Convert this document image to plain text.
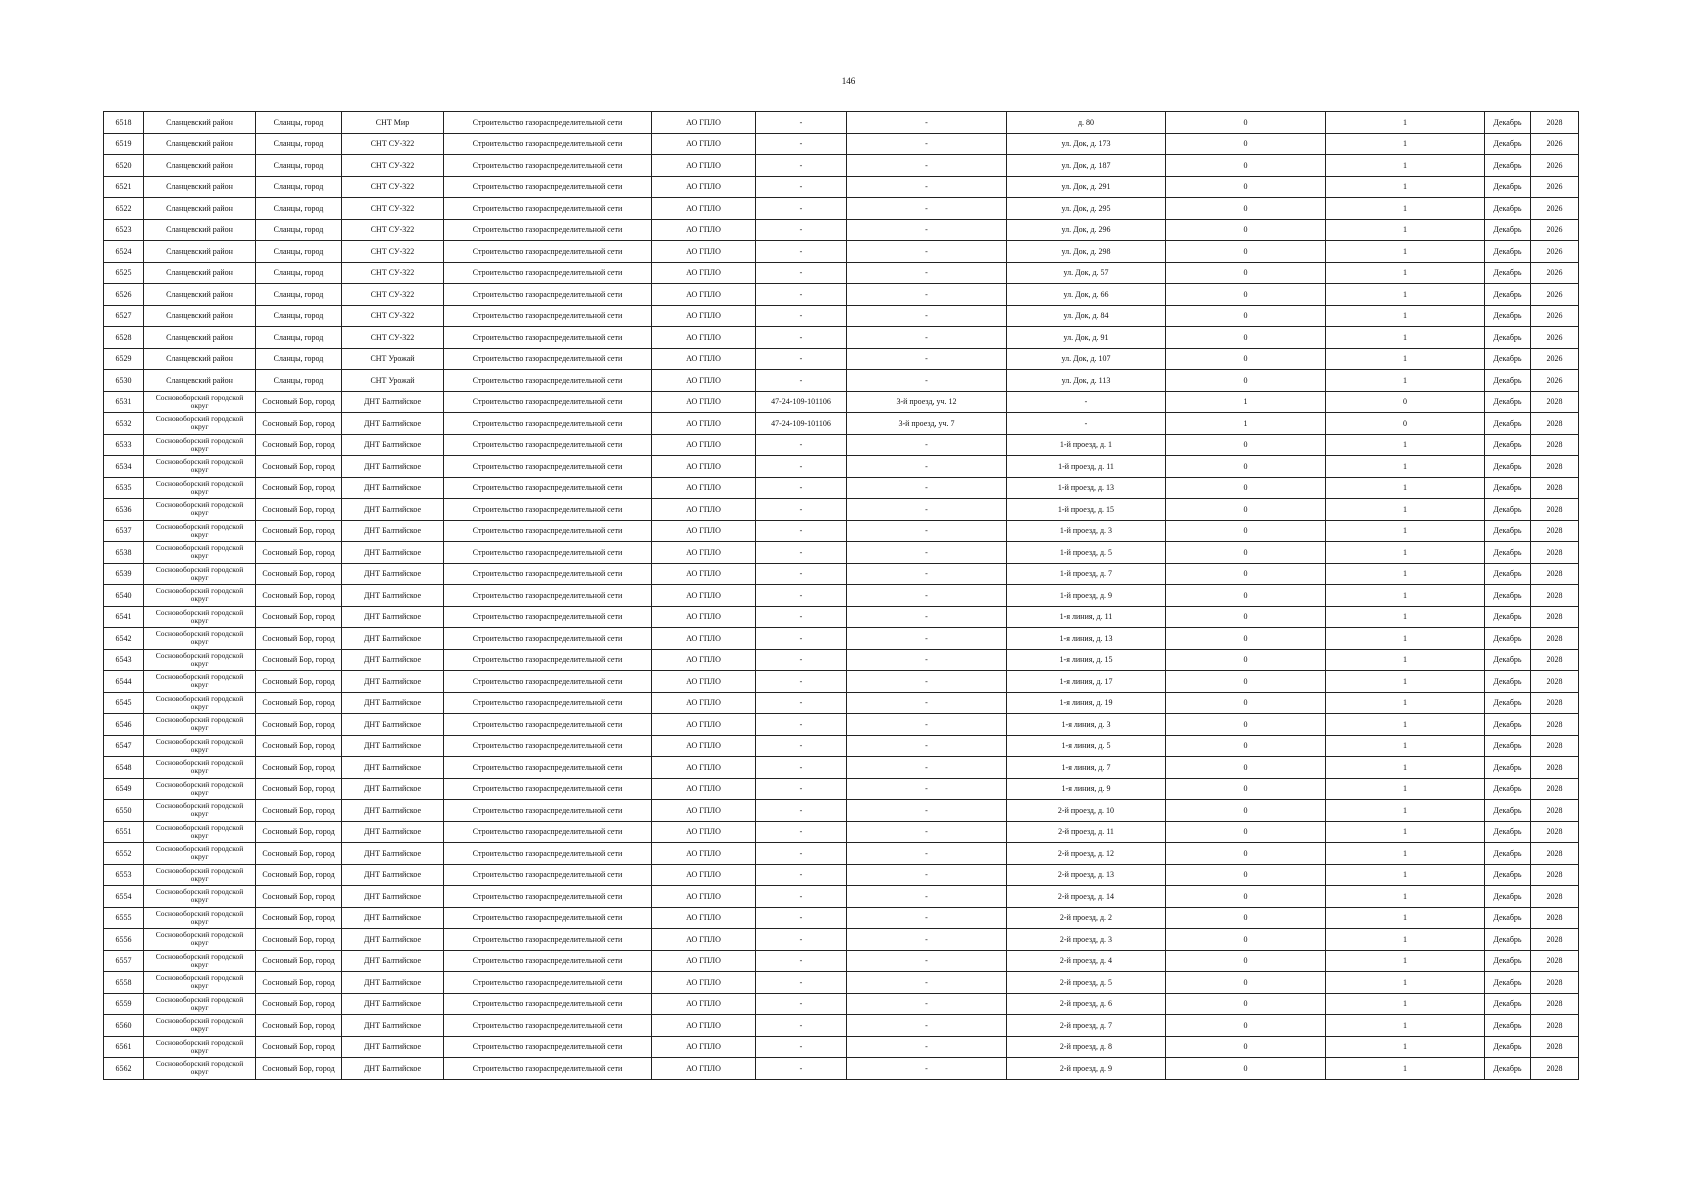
146
6518	Сланцевский район	Сланцы, город	СНТ Мир	Строительство газораспределительной сети	АО ГПЛО	-	-	д. 80	0	1	Декабрь	2028
6519	Сланцевский район	Сланцы, город	СНТ СУ-322	Строительство газораспределительной сети	АО ГПЛО	-	-	ул. Док, д. 173	0	1	Декабрь	2026
6520	Сланцевский район	Сланцы, город	СНТ СУ-322	Строительство газораспределительной сети	АО ГПЛО	-	-	ул. Док, д. 187	0	1	Декабрь	2026
6521	Сланцевский район	Сланцы, город	СНТ СУ-322	Строительство газораспределительной сети	АО ГПЛО	-	-	ул. Док, д. 291	0	1	Декабрь	2026
6522	Сланцевский район	Сланцы, город	СНТ СУ-322	Строительство газораспределительной сети	АО ГПЛО	-	-	ул. Док, д. 295	0	1	Декабрь	2026
6523	Сланцевский район	Сланцы, город	СНТ СУ-322	Строительство газораспределительной сети	АО ГПЛО	-	-	ул. Док, д. 296	0	1	Декабрь	2026
6524	Сланцевский район	Сланцы, город	СНТ СУ-322	Строительство газораспределительной сети	АО ГПЛО	-	-	ул. Док, д. 298	0	1	Декабрь	2026
6525	Сланцевский район	Сланцы, город	СНТ СУ-322	Строительство газораспределительной сети	АО ГПЛО	-	-	ул. Док, д. 57	0	1	Декабрь	2026
6526	Сланцевский район	Сланцы, город	СНТ СУ-322	Строительство газораспределительной сети	АО ГПЛО	-	-	ул. Док, д. 66	0	1	Декабрь	2026
6527	Сланцевский район	Сланцы, город	СНТ СУ-322	Строительство газораспределительной сети	АО ГПЛО	-	-	ул. Док, д. 84	0	1	Декабрь	2026
6528	Сланцевский район	Сланцы, город	СНТ СУ-322	Строительство газораспределительной сети	АО ГПЛО	-	-	ул. Док, д. 91	0	1	Декабрь	2026
6529	Сланцевский район	Сланцы, город	СНТ Урожай	Строительство газораспределительной сети	АО ГПЛО	-	-	ул. Док, д. 107	0	1	Декабрь	2026
6530	Сланцевский район	Сланцы, город	СНТ Урожай	Строительство газораспределительной сети	АО ГПЛО	-	-	ул. Док, д. 113	0	1	Декабрь	2026
6531	Сосновоборский городской округ	Сосновый Бор, город	ДНТ Балтийское	Строительство газораспределительной сети	АО ГПЛО	47-24-109-101106	3-й проезд, уч. 12	-	1	0	Декабрь	2028
6532	Сосновоборский городской округ	Сосновый Бор, город	ДНТ Балтийское	Строительство газораспределительной сети	АО ГПЛО	47-24-109-101106	3-й проезд, уч. 7	-	1	0	Декабрь	2028
6533	Сосновоборский городской округ	Сосновый Бор, город	ДНТ Балтийское	Строительство газораспределительной сети	АО ГПЛО	-	-	1-й проезд, д. 1	0	1	Декабрь	2028
6534	Сосновоборский городской округ	Сосновый Бор, город	ДНТ Балтийское	Строительство газораспределительной сети	АО ГПЛО	-	-	1-й проезд, д. 11	0	1	Декабрь	2028
6535	Сосновоборский городской округ	Сосновый Бор, город	ДНТ Балтийское	Строительство газораспределительной сети	АО ГПЛО	-	-	1-й проезд, д. 13	0	1	Декабрь	2028
6536	Сосновоборский городской округ	Сосновый Бор, город	ДНТ Балтийское	Строительство газораспределительной сети	АО ГПЛО	-	-	1-й проезд, д. 15	0	1	Декабрь	2028
6537	Сосновоборский городской округ	Сосновый Бор, город	ДНТ Балтийское	Строительство газораспределительной сети	АО ГПЛО	-	-	1-й проезд, д. 3	0	1	Декабрь	2028
6538	Сосновоборский городской округ	Сосновый Бор, город	ДНТ Балтийское	Строительство газораспределительной сети	АО ГПЛО	-	-	1-й проезд, д. 5	0	1	Декабрь	2028
6539	Сосновоборский городской округ	Сосновый Бор, город	ДНТ Балтийское	Строительство газораспределительной сети	АО ГПЛО	-	-	1-й проезд, д. 7	0	1	Декабрь	2028
6540	Сосновоборский городской округ	Сосновый Бор, город	ДНТ Балтийское	Строительство газораспределительной сети	АО ГПЛО	-	-	1-й проезд, д. 9	0	1	Декабрь	2028
6541	Сосновоборский городской округ	Сосновый Бор, город	ДНТ Балтийское	Строительство газораспределительной сети	АО ГПЛО	-	-	1-я линия, д. 11	0	1	Декабрь	2028
6542	Сосновоборский городской округ	Сосновый Бор, город	ДНТ Балтийское	Строительство газораспределительной сети	АО ГПЛО	-	-	1-я линия, д. 13	0	1	Декабрь	2028
6543	Сосновоборский городской округ	Сосновый Бор, город	ДНТ Балтийское	Строительство газораспределительной сети	АО ГПЛО	-	-	1-я линия, д. 15	0	1	Декабрь	2028
6544	Сосновоборский городской округ	Сосновый Бор, город	ДНТ Балтийское	Строительство газораспределительной сети	АО ГПЛО	-	-	1-я линия, д. 17	0	1	Декабрь	2028
6545	Сосновоборский городской округ	Сосновый Бор, город	ДНТ Балтийское	Строительство газораспределительной сети	АО ГПЛО	-	-	1-я линия, д. 19	0	1	Декабрь	2028
6546	Сосновоборский городской округ	Сосновый Бор, город	ДНТ Балтийское	Строительство газораспределительной сети	АО ГПЛО	-	-	1-я линия, д. 3	0	1	Декабрь	2028
6547	Сосновоборский городской округ	Сосновый Бор, город	ДНТ Балтийское	Строительство газораспределительной сети	АО ГПЛО	-	-	1-я линия, д. 5	0	1	Декабрь	2028
6548	Сосновоборский городской округ	Сосновый Бор, город	ДНТ Балтийское	Строительство газораспределительной сети	АО ГПЛО	-	-	1-я линия, д. 7	0	1	Декабрь	2028
6549	Сосновоборский городской округ	Сосновый Бор, город	ДНТ Балтийское	Строительство газораспределительной сети	АО ГПЛО	-	-	1-я линия, д. 9	0	1	Декабрь	2028
6550	Сосновоборский городской округ	Сосновый Бор, город	ДНТ Балтийское	Строительство газораспределительной сети	АО ГПЛО	-	-	2-й проезд, д. 10	0	1	Декабрь	2028
6551	Сосновоборский городской округ	Сосновый Бор, город	ДНТ Балтийское	Строительство газораспределительной сети	АО ГПЛО	-	-	2-й проезд, д. 11	0	1	Декабрь	2028
6552	Сосновоборский городской округ	Сосновый Бор, город	ДНТ Балтийское	Строительство газораспределительной сети	АО ГПЛО	-	-	2-й проезд, д. 12	0	1	Декабрь	2028
6553	Сосновоборский городской округ	Сосновый Бор, город	ДНТ Балтийское	Строительство газораспределительной сети	АО ГПЛО	-	-	2-й проезд, д. 13	0	1	Декабрь	2028
6554	Сосновоборский городской округ	Сосновый Бор, город	ДНТ Балтийское	Строительство газораспределительной сети	АО ГПЛО	-	-	2-й проезд, д. 14	0	1	Декабрь	2028
6555	Сосновоборский городской округ	Сосновый Бор, город	ДНТ Балтийское	Строительство газораспределительной сети	АО ГПЛО	-	-	2-й проезд, д. 2	0	1	Декабрь	2028
6556	Сосновоборский городской округ	Сосновый Бор, город	ДНТ Балтийское	Строительство газораспределительной сети	АО ГПЛО	-	-	2-й проезд, д. 3	0	1	Декабрь	2028
6557	Сосновоборский городской округ	Сосновый Бор, город	ДНТ Балтийское	Строительство газораспределительной сети	АО ГПЛО	-	-	2-й проезд, д. 4	0	1	Декабрь	2028
6558	Сосновоборский городской округ	Сосновый Бор, город	ДНТ Балтийское	Строительство газораспределительной сети	АО ГПЛО	-	-	2-й проезд, д. 5	0	1	Декабрь	2028
6559	Сосновоборский городской округ	Сосновый Бор, город	ДНТ Балтийское	Строительство газораспределительной сети	АО ГПЛО	-	-	2-й проезд, д. 6	0	1	Декабрь	2028
6560	Сосновоборский городской округ	Сосновый Бор, город	ДНТ Балтийское	Строительство газораспределительной сети	АО ГПЛО	-	-	2-й проезд, д. 7	0	1	Декабрь	2028
6561	Сосновоборский городской округ	Сосновый Бор, город	ДНТ Балтийское	Строительство газораспределительной сети	АО ГПЛО	-	-	2-й проезд, д. 8	0	1	Декабрь	2028
6562	Сосновоборский городской округ	Сосновый Бор, город	ДНТ Балтийское	Строительство газораспределительной сети	АО ГПЛО	-	-	2-й проезд, д. 9	0	1	Декабрь	2028
